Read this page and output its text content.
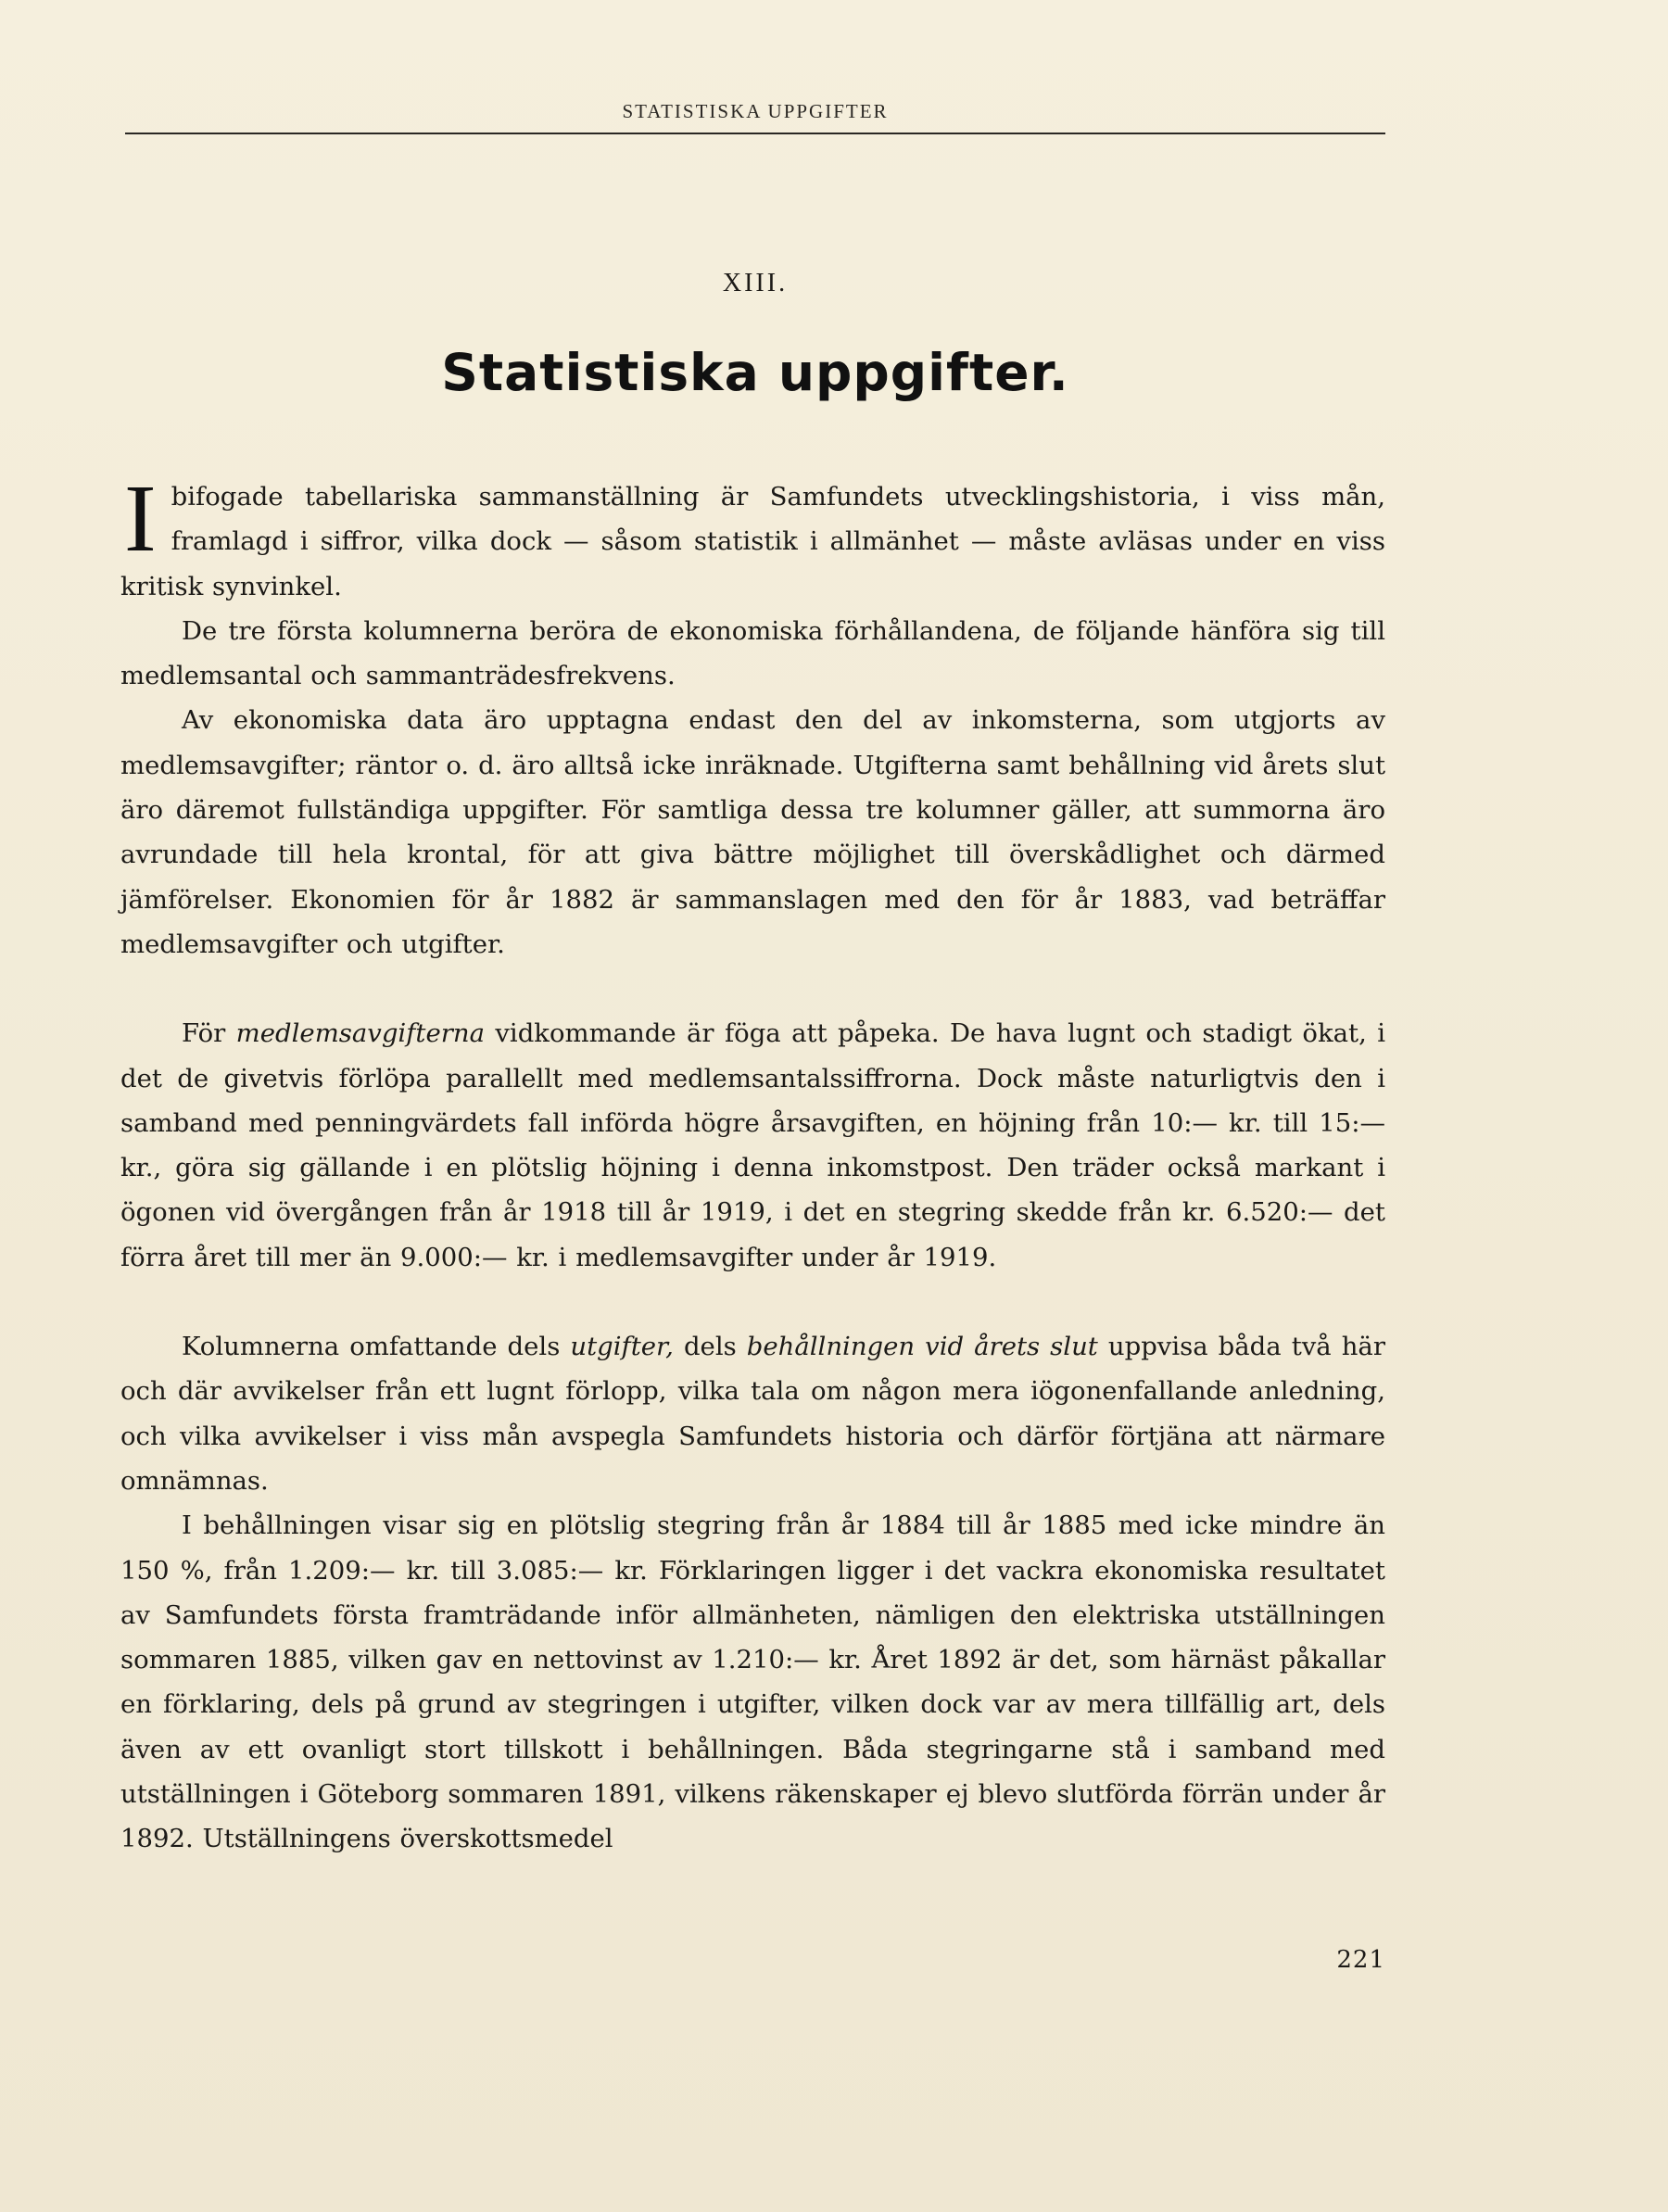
STATISTISKA UPPGIFTER
XIII.
Statistiska uppgifter.

Ibifogade tabellariska sammanställning är Samfundets utvecklingshistoria, i viss mån, framlagd i siffror, vilka dock — såsom statistik i allmänhet — måste avläsas under en viss kritisk synvinkel.

De tre första kolumnerna beröra de ekonomiska förhållandena, de följande hänföra sig till medlemsantal och sammanträdesfrekvens.

Av ekonomiska data äro upptagna endast den del av inkomsterna, som utgjorts av medlemsavgifter; räntor o. d. äro alltså icke inräknade. Utgifterna samt behållning vid årets slut äro däremot fullständiga uppgifter. För samtliga dessa tre kolumner gäller, att summorna äro avrundade till hela krontal, för att giva bättre möjlighet till överskådlighet och därmed jämförelser. Ekonomien för år 1882 är sammanslagen med den för år 1883, vad beträffar medlemsavgifter och utgifter.

För medlemsavgifterna vidkommande är föga att påpeka. De hava lugnt och stadigt ökat, i det de givetvis förlöpa parallellt med medlemsantalssiffrorna. Dock måste naturligtvis den i samband med penningvärdets fall införda högre årsavgiften, en höjning från 10:— kr. till 15:— kr., göra sig gällande i en plötslig höjning i denna inkomstpost. Den träder också markant i ögonen vid övergången från år 1918 till år 1919, i det en stegring skedde från kr. 6.520:— det förra året till mer än 9.000:— kr. i medlemsavgifter under år 1919.

Kolumnerna omfattande dels utgifter, dels behållningen vid årets slut uppvisa båda två här och där avvikelser från ett lugnt förlopp, vilka tala om någon mera iögonenfallande anledning, och vilka avvikelser i viss mån avspegla Samfundets historia och därför förtjäna att närmare omnämnas.

I behållningen visar sig en plötslig stegring från år 1884 till år 1885 med icke mindre än 150 %, från 1.209:— kr. till 3.085:— kr. Förklaringen ligger i det vackra ekonomiska resultatet av Samfundets första framträdande inför allmänheten, nämligen den elektriska utställningen sommaren 1885, vilken gav en nettovinst av 1.210:— kr. Året 1892 är det, som härnäst påkallar en förklaring, dels på grund av stegringen i utgifter, vilken dock var av mera tillfällig art, dels även av ett ovanligt stort tillskott i behållningen. Båda stegringarne stå i samband med utställningen i Göteborg sommaren 1891, vilkens räkenskaper ej blevo slutförda förrän under år 1892. Utställningens överskottsmedel

221
